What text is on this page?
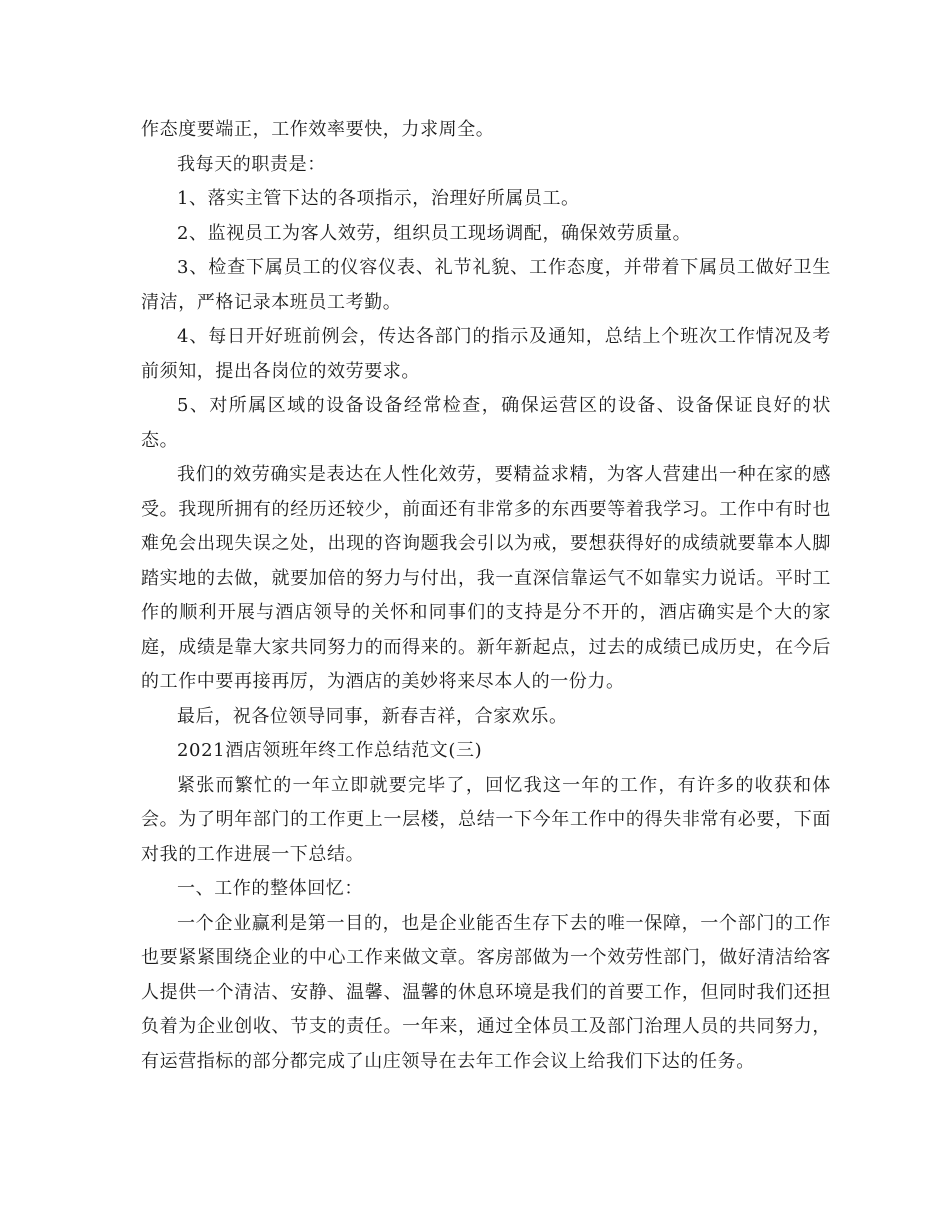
作态度要端正，工作效率要快，力求周全。

我每天的职责是：

1、落实主管下达的各项指示，治理好所属员工。

2、监视员工为客人效劳，组织员工现场调配，确保效劳质量。

3、检查下属员工的仪容仪表、礼节礼貌、工作态度，并带着下属员工做好卫生清洁，严格记录本班员工考勤。

4、每日开好班前例会，传达各部门的指示及通知，总结上个班次工作情况及考前须知，提出各岗位的效劳要求。

5、对所属区域的设备设备经常检查，确保运营区的设备、设备保证良好的状态。

我们的效劳确实是表达在人性化效劳，要精益求精，为客人营建出一种在家的感受。我现所拥有的经历还较少，前面还有非常多的东西要等着我学习。工作中有时也难免会出现失误之处，出现的咨询题我会引以为戒，要想获得好的成绩就要靠本人脚踏实地的去做，就要加倍的努力与付出，我一直深信靠运气不如靠实力说话。平时工作的顺利开展与酒店领导的关怀和同事们的支持是分不开的，酒店确实是个大的家庭，成绩是靠大家共同努力的而得来的。新年新起点，过去的成绩已成历史，在今后的工作中要再接再厉，为酒店的美妙将来尽本人的一份力。

最后，祝各位领导同事，新春吉祥，合家欢乐。

2021酒店领班年终工作总结范文(三)

紧张而繁忙的一年立即就要完毕了，回忆我这一年的工作，有许多的收获和体会。为了明年部门的工作更上一层楼，总结一下今年工作中的得失非常有必要，下面对我的工作进展一下总结。

一、工作的整体回忆：

一个企业赢利是第一目的，也是企业能否生存下去的唯一保障，一个部门的工作也要紧紧围绕企业的中心工作来做文章。客房部做为一个效劳性部门，做好清洁给客人提供一个清洁、安静、温馨、温馨的休息环境是我们的首要工作，但同时我们还担负着为企业创收、节支的责任。一年来，通过全体员工及部门治理人员的共同努力，有运营指标的部分都完成了山庄领导在去年工作会议上给我们下达的任务。
